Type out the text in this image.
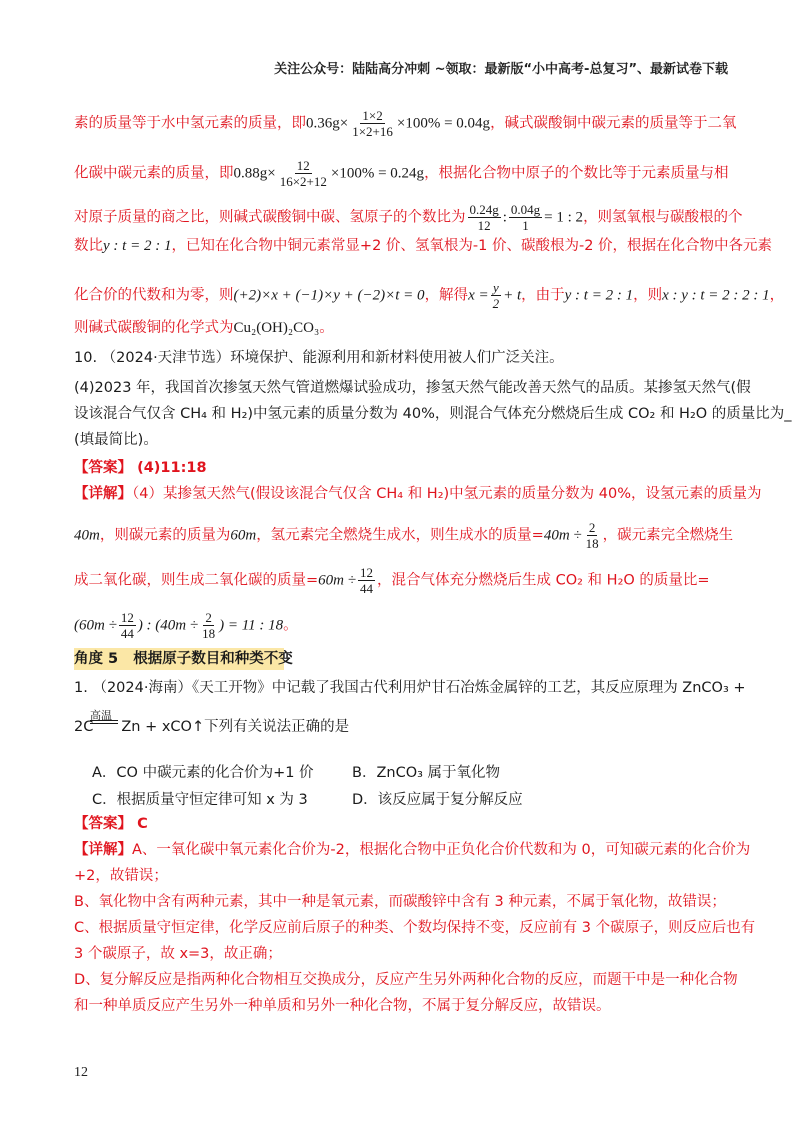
关注公众号：陆陆高分冲刺 ~领取：最新版“小中高考-总复习”、最新试卷下载
素的质量等于水中氢元素的质量，即$0.36g\times \frac{1\times 2}{1\times 2+16} \times 100\% = 0.04g$，碱式碳酸铜中碳元素的质量等于二氧
化碳中碳元素的质量，即$0.88g\times \frac{12}{16\times 2+12} \times 100\% = 0.24g$，根据化合物中原子的个数比等于元素质量与相
对原子质量的商之比，则碱式碳酸铜中碳、氢原子的个数比为 $\frac{0.24g}{12}$ : $\frac{0.04g}{1} = 1$ : 2，则氢氧根与碳酸根的个
数比y : t = 2 : 1，已知在化合物中铜元素常显+2 价、氢氧根为-1 价、碳酸根为-2 价，根据在化合物中各元素
化合价的代数和为零，则(+2)×x + (−1)×y + (−2)×t = 0，解得$x = \frac{y}{2} + t$，由于y : t = 2 : 1，则x : y : t = 2 : 2 : 1，
则碱式碳酸铜的化学式为Cu₂(OH)₂CO₃。
10. （2024·天津节选）环境保护、能源利用和新材料使用被人们广泛关注。
(4)2023 年，我国首次掺氢天然气管道燃爆试验成功，掺氢天然气能改善天然气的品质。某掺氢天然气(假
设该混合气仅含 CH₄ 和 H₂)中氢元素的质量分数为 40%，则混合气体充分燃烧后生成 CO₂ 和 H₂O 的质量比为_
(填最简比)。
【答案】 (4)11:18
【详解】（4）某掺氢天然气(假设该混合气仅含 CH₄ 和 H₂)中氢元素的质量分数为 40%，设氢元素的质量为
40m，则碳元素的质量为60m，氢元素完全燃烧生成水，则生成水的质量$=40m \div \frac{2}{18}$ ，碳元素完全燃烧生
成二氧化碳，则生成二氧化碳的质量$=60m \div \frac{12}{44}$ ，混合气体充分燃烧后生成 CO₂ 和 H₂O 的质量比=
($60m \div \frac{12}{44}$ ) : ($40m \div \frac{2}{18}$ ) = 11 : 18。
角度 5 根据原子数目和种类不变
1. （2024·海南）《天工开物》中记载了我国古代利用炉甘石冶炼金属锌的工艺，其反应原理为 ZnCO₃ +
高温
2C Zn + xCO↑下列有关说法正确的是
A．CO 中碳元素的化合价为+1 价	B．ZnCO₃ 属于氧化物
C．根据质量守恒定律可知 x 为 3	D．该反应属于复分解反应
【答案】 C
【详解】A、一氧化碳中氧元素化合价为-2，根据化合物中正负化合价代数和为 0，可知碳元素的化合价为
+2，故错误；
B、氧化物中含有两种元素，其中一种是氧元素，而碳酸锌中含有 3 种元素，不属于氧化物，故错误；
C、根据质量守恒定律，化学反应前后原子的种类、个数均保持不变，反应前有 3 个碳原子，则反应后也有
3 个碳原子，故 x=3，故正确；
D、复分解反应是指两种化合物相互交换成分，反应产生另外两种化合物的反应，而题干中是一种化合物
和一种单质反应产生另外一种单质和另外一种化合物，不属于复分解反应，故错误。
12
